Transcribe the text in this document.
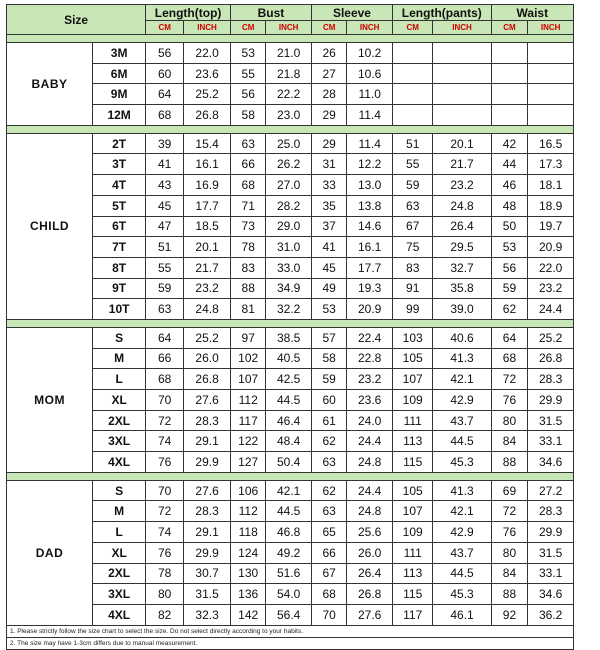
Size		Length(top)		Bust		Sleeve		Length(pants)		Waist	
		CM	INCH	CM	INCH	CM	INCH	CM	INCH	CM	INCH

BABY	3M	56	22.0	53	21.0	26	10.2				
	6M	60	23.6	55	21.8	27	10.6				
	9M	64	25.2	56	22.2	28	11.0				
	12M	68	26.8	58	23.0	29	11.4				

CHILD	2T	39	15.4	63	25.0	29	11.4	51	20.1	42	16.5
	3T	41	16.1	66	26.2	31	12.2	55	21.7	44	17.3
	4T	43	16.9	68	27.0	33	13.0	59	23.2	46	18.1
	5T	45	17.7	71	28.2	35	13.8	63	24.8	48	18.9
	6T	47	18.5	73	29.0	37	14.6	67	26.4	50	19.7
	7T	51	20.1	78	31.0	41	16.1	75	29.5	53	20.9
	8T	55	21.7	83	33.0	45	17.7	83	32.7	56	22.0
	9T	59	23.2	88	34.9	49	19.3	91	35.8	59	23.2
	10T	63	24.8	81	32.2	53	20.9	99	39.0	62	24.4

MOM	S	64	25.2	97	38.5	57	22.4	103	40.6	64	25.2
	M	66	26.0	102	40.5	58	22.8	105	41.3	68	26.8
	L	68	26.8	107	42.5	59	23.2	107	42.1	72	28.3
	XL	70	27.6	112	44.5	60	23.6	109	42.9	76	29.9
	2XL	72	28.3	117	46.4	61	24.0	111	43.7	80	31.5
	3XL	74	29.1	122	48.4	62	24.4	113	44.5	84	33.1
	4XL	76	29.9	127	50.4	63	24.8	115	45.3	88	34.6

DAD	S	70	27.6	106	42.1	62	24.4	105	41.3	69	27.2
	M	72	28.3	112	44.5	63	24.8	107	42.1	72	28.3
	L	74	29.1	118	46.8	65	25.6	109	42.9	76	29.9
	XL	76	29.9	124	49.2	66	26.0	111	43.7	80	31.5
	2XL	78	30.7	130	51.6	67	26.4	113	44.5	84	33.1
	3XL	80	31.5	136	54.0	68	26.8	115	45.3	88	34.6
	4XL	82	32.3	142	56.4	70	27.6	117	46.1	92	36.2
1. Please strictly follow the size chart to select the size. Do not select directly according to your habits.											
2. The size may have 1-3cm differs due to manual measurement.											
